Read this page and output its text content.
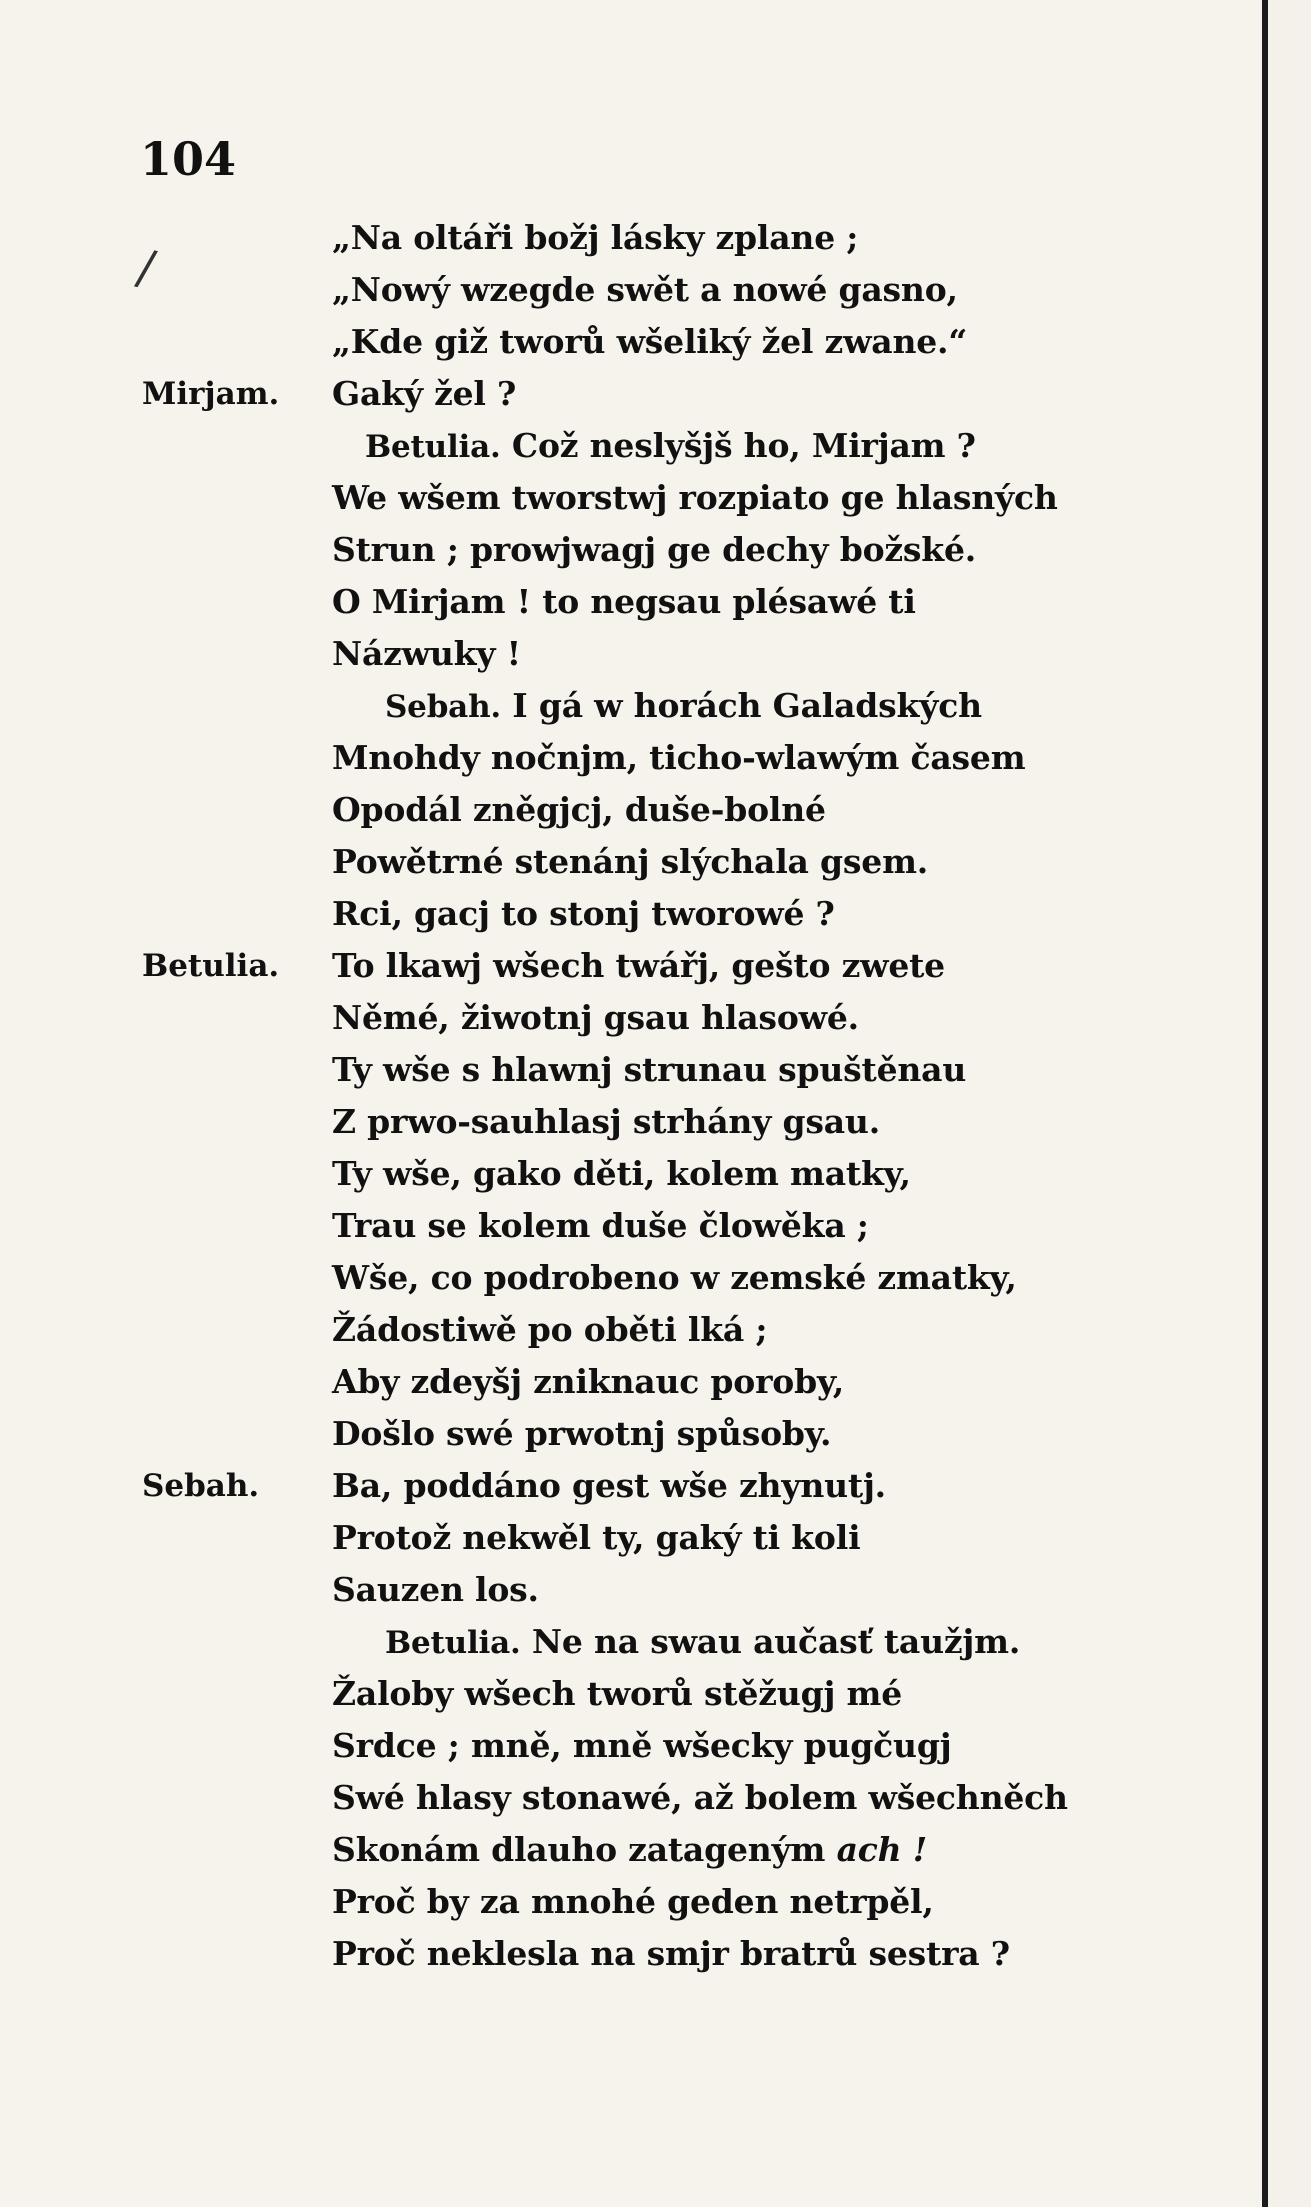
104
/
„Na oltáři božj lásky zplane ;
„Nowý wzegde swět a nowé gasno,
„Kde giž tworů wšeliký žel zwane.“
Mirjam. Gaký žel ?
Betulia. Což neslyšjš ho, Mirjam ?
We wšem tworstwj rozpiato ge hlasných
Strun ; prowjwagj ge dechy božské.
O Mirjam ! to negsau plésawé ti
Názwuky !
Sebah. I gá w horách Galadských
Mnohdy nočnjm, ticho-wlawým časem
Opodál zněgjcj, duše-bolné
Powětrné stenánj slýchala gsem.
Rci, gacj to stonj tworowé ?
Betulia. To lkawj wšech twářj, gešto zwete
Němé, žiwotnj gsau hlasowé.
Ty wše s hlawnj strunau spuštěnau
Z prwo-sauhlasj strhány gsau.
Ty wše, gako děti, kolem matky,
Trau se kolem duše člowěka ;
Wše, co podrobeno w zemské zmatky,
Žádostiwě po oběti lká ;
Aby zdeyšj zniknauc poroby,
Došlo swé prwotnj spůsoby.
Sebah. Ba, poddáno gest wše zhynutj.
Protož nekwěl ty, gaký ti koli
Sauzen los.
Betulia. Ne na swau aučasť taužjm.
Žaloby wšech tworů stěžugj mé
Srdce ; mně, mně wšecky pugčugj
Swé hlasy stonawé, až bolem wšechněch
Skonám dlauho zatageným ach !
Proč by za mnohé geden netrpěl,
Proč neklesla na smjr bratrů sestra ?
